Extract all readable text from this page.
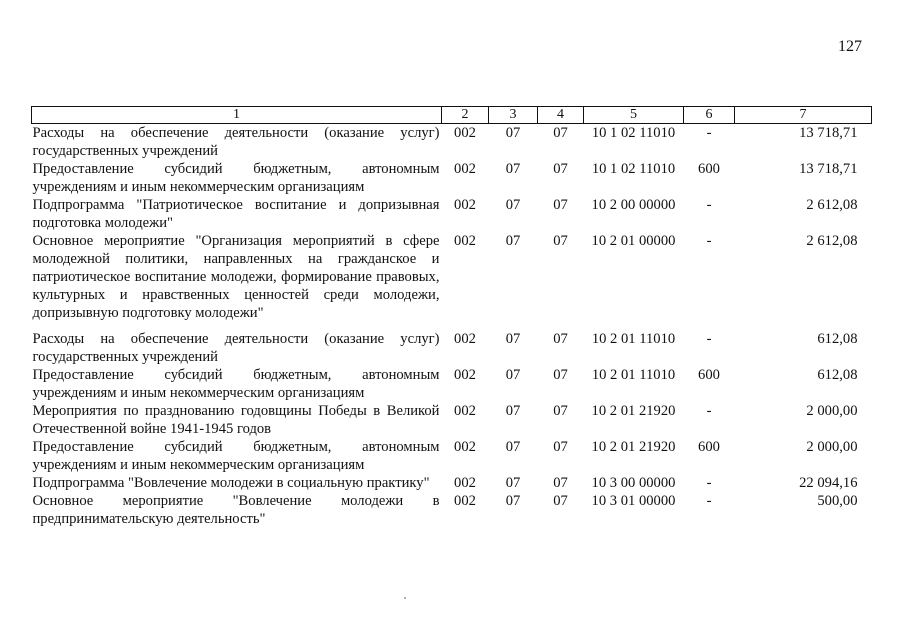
127
1	2	3	4	5	6	7
Расходы на обеспечение деятельности (оказание услуг) государственных учреждений	002	07	07	10 1 02 11010	-	13 718,71
Предоставление субсидий бюджетным, автономным учреждениям и иным некоммерческим организациям	002	07	07	10 1 02 11010	600	13 718,71
Подпрограмма "Патриотическое воспитание и допризывная подготовка молодежи"	002	07	07	10 2 00 00000	-	2 612,08
Основное мероприятие "Организация мероприятий в сфере молодежной политики, направленных на гражданское и патриотическое воспитание молодежи, формирование правовых, культурных и нравственных ценностей среди молодежи, допризывную подготовку молодежи"	002	07	07	10 2 01 00000	-	2 612,08
Расходы на обеспечение деятельности (оказание услуг) государственных учреждений	002	07	07	10 2 01 11010	-	612,08
Предоставление субсидий бюджетным, автономным учреждениям и иным некоммерческим организациям	002	07	07	10 2 01 11010	600	612,08
Мероприятия по празднованию годовщины Победы в Великой Отечественной войне 1941-1945 годов	002	07	07	10 2 01 21920	-	2 000,00
Предоставление субсидий бюджетным, автономным учреждениям и иным некоммерческим организациям	002	07	07	10 2 01 21920	600	2 000,00
Подпрограмма "Вовлечение молодежи в социальную практику"	002	07	07	10 3 00 00000	-	22 094,16
Основное мероприятие "Вовлечение молодежи в предпринимательскую деятельность"	002	07	07	10 3 01 00000	-	500,00
